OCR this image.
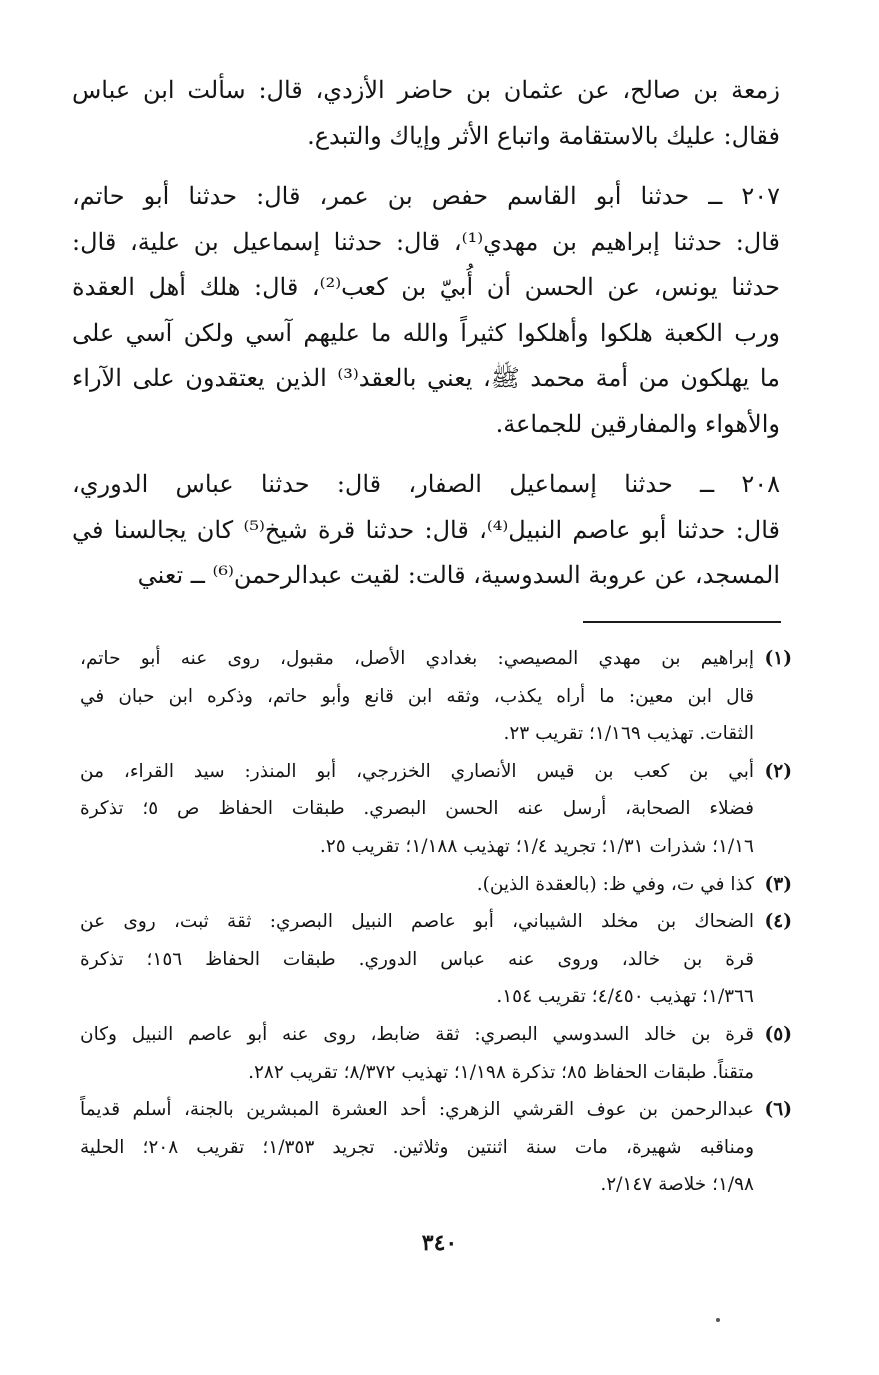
زمعة بن صالح، عن عثمان بن حاضر الأزدي، قال: سألت ابن عباس
فقال: عليك بالاستقامة واتباع الأثر وإياك والتبدع.

٢٠٧ ــ حدثنا أبو القاسم حفص بن عمر، قال: حدثنا أبو حاتم،
قال: حدثنا إبراهيم بن مهدي⁽¹⁾، قال: حدثنا إسماعيل بن علية، قال:
حدثنا يونس، عن الحسن أن أُبيّ بن كعب⁽²⁾، قال: هلك أهل العقدة
ورب الكعبة هلكوا وأهلكوا كثيراً والله ما عليهم آسي ولكن آسي على
ما يهلكون من أمة محمد ﷺ، يعني بالعقد⁽³⁾ الذين يعتقدون على الآراء
والأهواء والمفارقين للجماعة.

٢٠٨ ــ حدثنا إسماعيل الصفار، قال: حدثنا عباس الدوري،
قال: حدثنا أبو عاصم النبيل⁽⁴⁾، قال: حدثنا قرة شيخ⁽⁵⁾ كان يجالسنا في
المسجد، عن عروبة السدوسية، قالت: لقيت عبدالرحمن⁽⁶⁾ ــ تعني

(١)
إبراهيم بن مهدي المصيصي: بغدادي الأصل، مقبول، روى عنه أبو حاتم،
قال ابن معين: ما أراه يكذب، وثقه ابن قانع وأبو حاتم، وذكره ابن حبان في
الثقات. تهذيب ١/١٦٩؛ تقريب ٢٣.
(٢)
أبي بن كعب بن قيس الأنصاري الخزرجي، أبو المنذر: سيد القراء، من
فضلاء الصحابة، أرسل عنه الحسن البصري. طبقات الحفاظ ص ٥؛ تذكرة
١/١٦؛ شذرات ١/٣١؛ تجريد ١/٤؛ تهذيب ١/١٨٨؛ تقريب ٢٥.
(٣)
كذا في ت، وفي ظ: (بالعقدة الذين).
(٤)
الضحاك بن مخلد الشيباني، أبو عاصم النبيل البصري: ثقة ثبت، روى عن
قرة بن خالد، وروى عنه عباس الدوري. طبقات الحفاظ ١٥٦؛ تذكرة
١/٣٦٦؛ تهذيب ٤/٤٥٠؛ تقريب ١٥٤.
(٥)
قرة بن خالد السدوسي البصري: ثقة ضابط، روى عنه أبو عاصم النبيل وكان
متقناً. طبقات الحفاظ ٨٥؛ تذكرة ١/١٩٨؛ تهذيب ٨/٣٧٢؛ تقريب ٢٨٢.
(٦)
عبدالرحمن بن عوف القرشي الزهري: أحد العشرة المبشرين بالجنة، أسلم قديماً
ومناقبه شهيرة، مات سنة اثنتين وثلاثين. تجريد ١/٣٥٣؛ تقريب ٢٠٨؛ الحلية
١/٩٨؛ خلاصة ٢/١٤٧.
٣٤٠
